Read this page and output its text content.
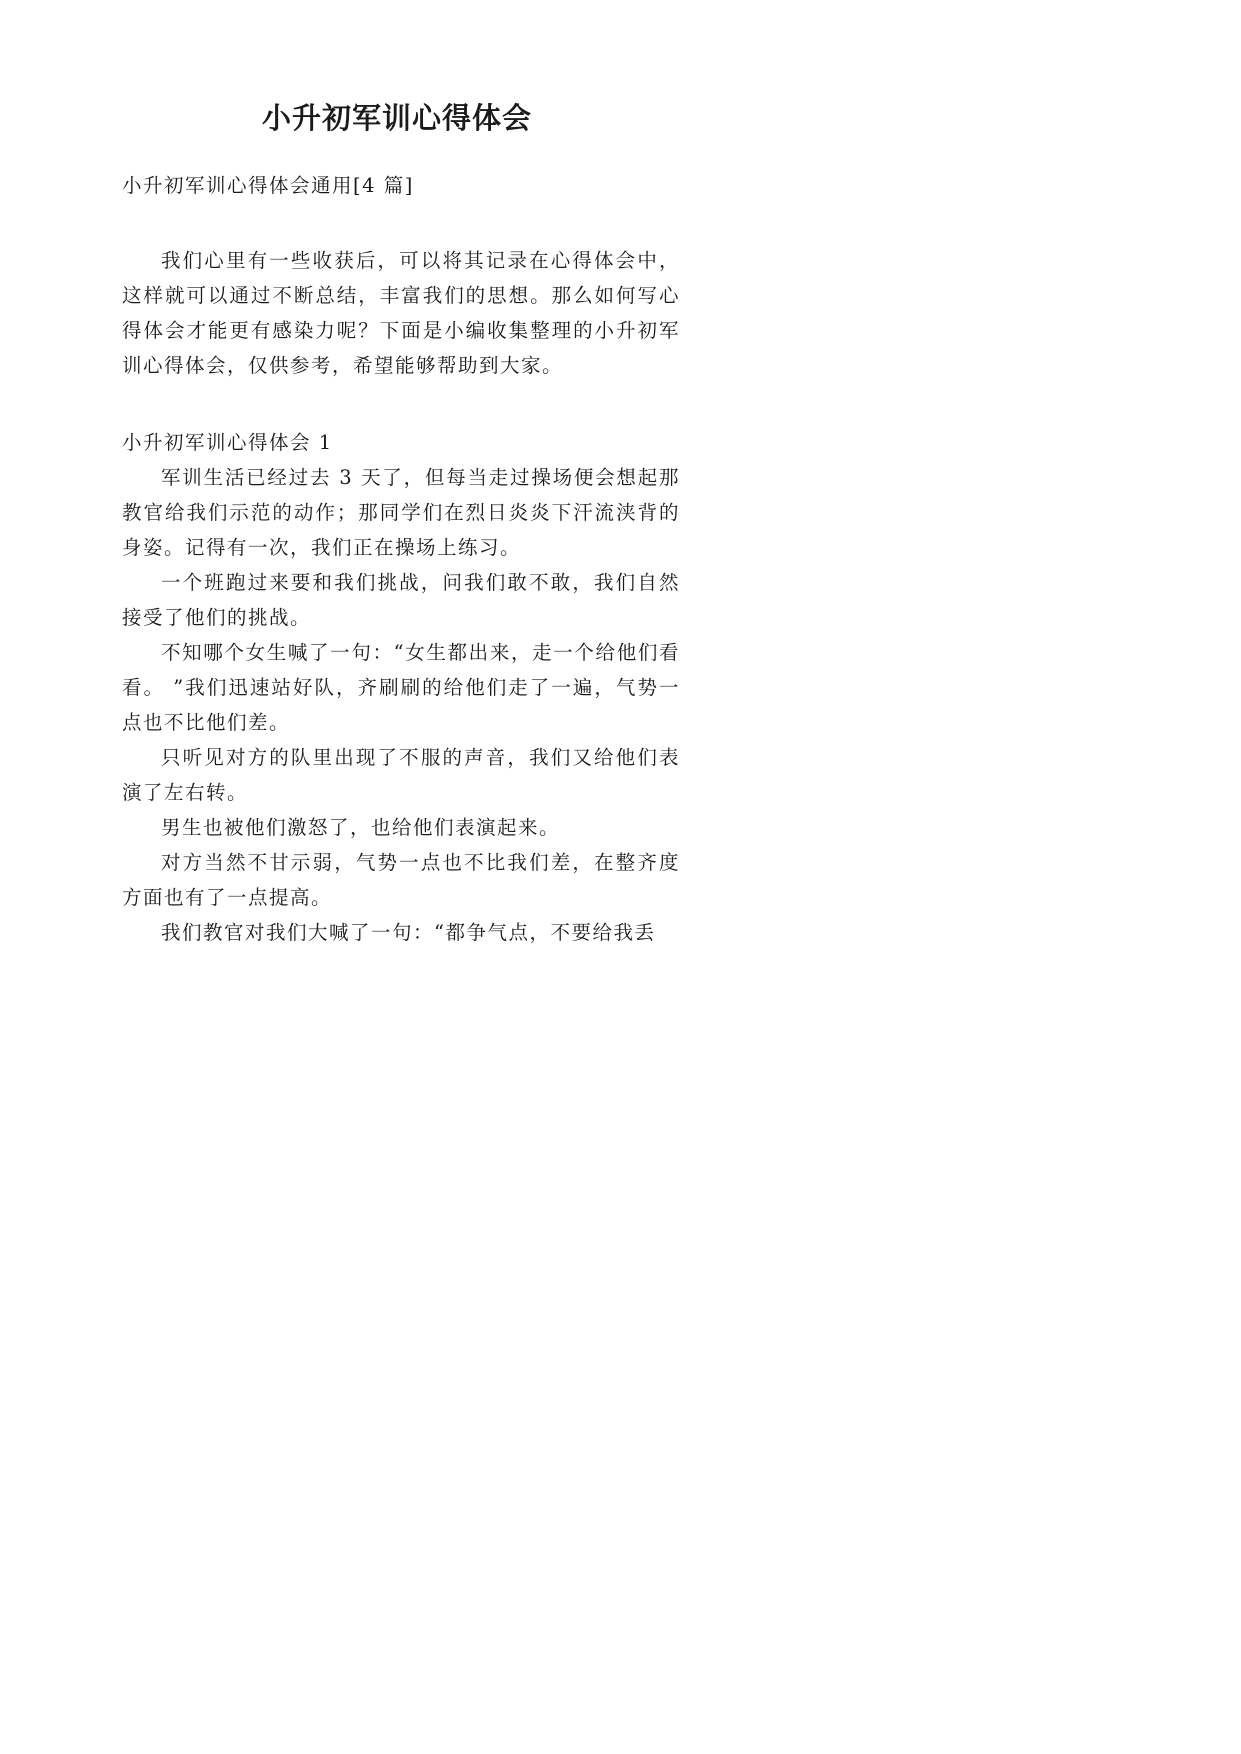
小升初军训心得体会

小升初军训心得体会通用[4 篇]

我们心里有一些收获后，可以将其记录在心得体会中，这样就可以通过不断总结，丰富我们的思想。那么如何写心得体会才能更有感染力呢？下面是小编收集整理的小升初军训心得体会，仅供参考，希望能够帮助到大家。

小升初军训心得体会 1

军训生活已经过去 3 天了，但每当走过操场便会想起那教官给我们示范的动作；那同学们在烈日炎炎下汗流浃背的身姿。记得有一次，我们正在操场上练习。

一个班跑过来要和我们挑战，问我们敢不敢，我们自然接受了他们的挑战。

不知哪个女生喊了一句：“女生都出来，走一个给他们看看。 ”我们迅速站好队，齐刷刷的给他们走了一遍，气势一点也不比他们差。

只听见对方的队里出现了不服的声音，我们又给他们表演了左右转。

男生也被他们激怒了，也给他们表演起来。

对方当然不甘示弱，气势一点也不比我们差，在整齐度方面也有了一点提高。

我们教官对我们大喊了一句：“都争气点，不要给我丢
